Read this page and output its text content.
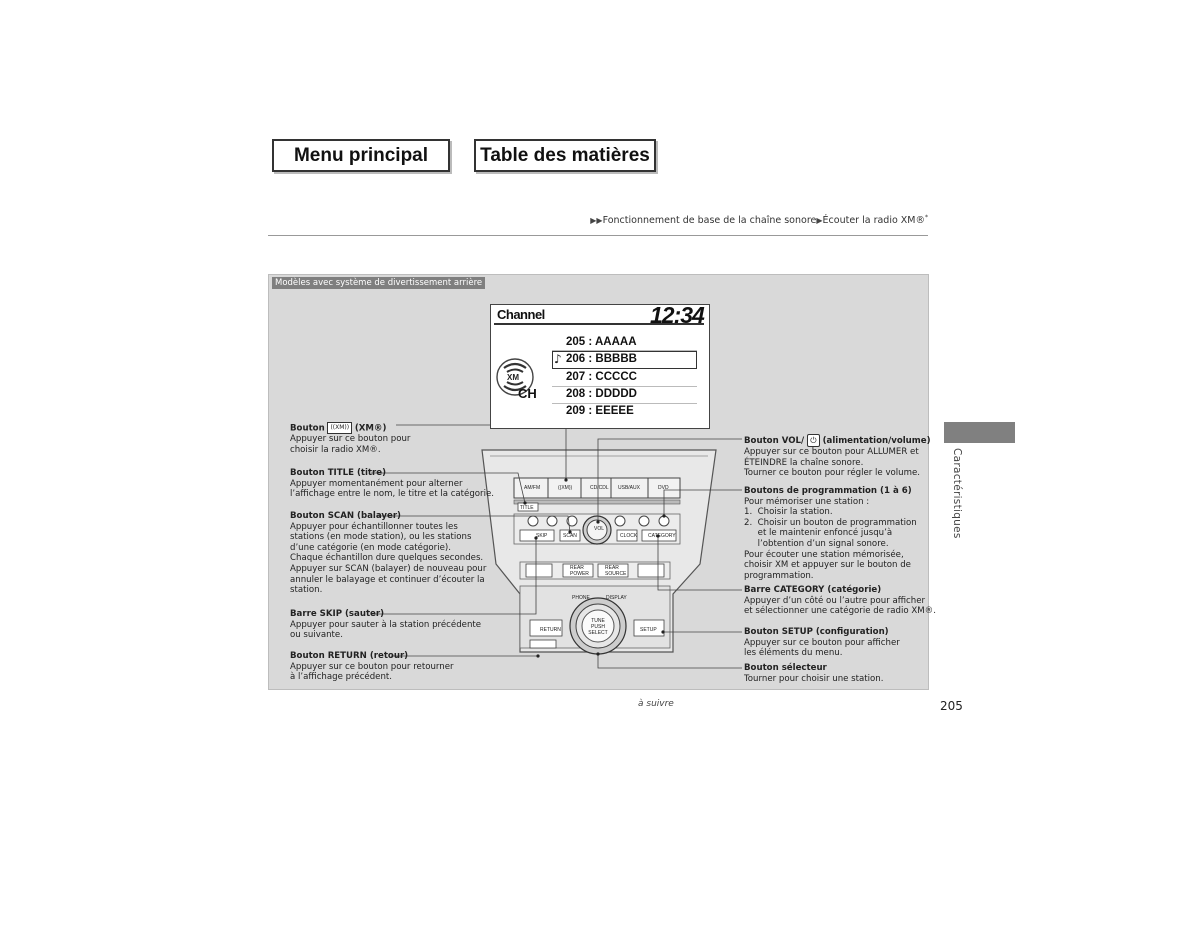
Menu principal	Table des matières
▶▶Fonctionnement de base de la chaîne sonore▶Écouter la radio XM®*
Modèles avec système de divertissement arrière
AM/FM	((XM))	CD/CDL USB/AUX	DVD
TITLE
SKIP	SCAN
VOL
CLOCK CATEGORY
REAR POWER
REAR SOURCE
PHONE	DISPLAY
TUNE PUSH SELECT
RETURN	SETUP
Channel	12:34
♪
205 : AAAAA
206 : BBBBB
207 : CCCCC
208 : DDDDD
209 : EEEEE
XM
CH
Bouton ((XM)) (XM®)
Appuyer sur ce bouton pour
choisir la radio XM®.
Bouton TITLE (titre)
Appuyer momentanément pour alterner
l’affichage entre le nom, le titre et la catégorie.
Bouton SCAN (balayer)
Appuyer pour échantillonner toutes les
stations (en mode station), ou les stations
d’une catégorie (en mode catégorie).
Chaque échantillon dure quelques secondes.
Appuyer sur SCAN (balayer) de nouveau pour
annuler le balayage et continuer d’écouter la
station.
Barre SKIP (sauter)
Appuyer pour sauter à la station précédente
ou suivante.
Bouton RETURN (retour)
Appuyer sur ce bouton pour retourner
à l’affichage précédent.
Bouton VOL/ ⏻ (alimentation/volume)
Appuyer sur ce bouton pour ALLUMER et
ÉTEINDRE la chaîne sonore.
Tourner ce bouton pour régler le volume.
Boutons de programmation (1 à 6)
Pour mémoriser une station :
1.  Choisir la station.
2.  Choisir un bouton de programmation
et le maintenir enfoncé jusqu’à
l’obtention d’un signal sonore.
Pour écouter une station mémorisée,
choisir XM et appuyer sur le bouton de
programmation.
Barre CATEGORY (catégorie)
Appuyer d’un côté ou l’autre pour afficher
et sélectionner une catégorie de radio XM®.
Bouton SETUP (configuration)
Appuyer sur ce bouton pour afficher
les éléments du menu.
Bouton sélecteur
Tourner pour choisir une station.
Caractéristiques
à suivre	205
